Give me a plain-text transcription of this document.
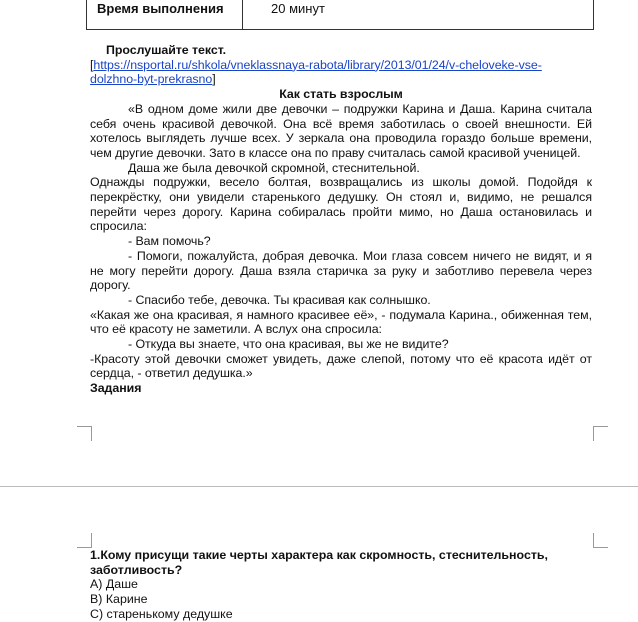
Время выполнения	20 минут
Прослушайте текст.
[https://nsportal.ru/shkola/vneklassnaya-rabota/library/2013/01/24/v-cheloveke-vse-
dolzhno-byt-prekrasno]
Как стать взрослым
«В одном доме жили две девочки – подружки Карина и Даша. Карина считала себя очень красивой девочкой. Она всё время заботилась о своей внешности. Ей хотелось выглядеть лучше всех. У зеркала она проводила гораздо больше времени, чем другие девочки. Зато в классе она по праву считалась самой красивой ученицей.
Даша же была девочкой скромной, стеснительной.
Однажды подружки, весело болтая, возвращались из школы домой. Подойдя к перекрёстку, они увидели старенького дедушку. Он стоял и, видимо, не решался перейти через дорогу. Карина собиралась пройти мимо, но Даша остановилась и спросила:
- Вам помочь?
- Помоги, пожалуйста, добрая девочка. Мои глаза совсем ничего не видят, и я не могу перейти дорогу. Даша взяла старичка за руку и заботливо перевела через дорогу.
- Спасибо тебе, девочка. Ты красивая как солнышко.
«Какая же она красивая, я намного красивее её», - подумала Карина., обиженная тем, что её красоту не заметили. А вслух она спросила:
- Откуда вы знаете, что она красивая, вы же не видите?
-Красоту этой девочки сможет увидеть, даже слепой, потому что её красота идёт от сердца, - ответил дедушка.»
Задания
1.Кому присущи такие черты характера как скромность, стеснительность, заботливость?
А) Даше
В) Карине
С) старенькому дедушке
